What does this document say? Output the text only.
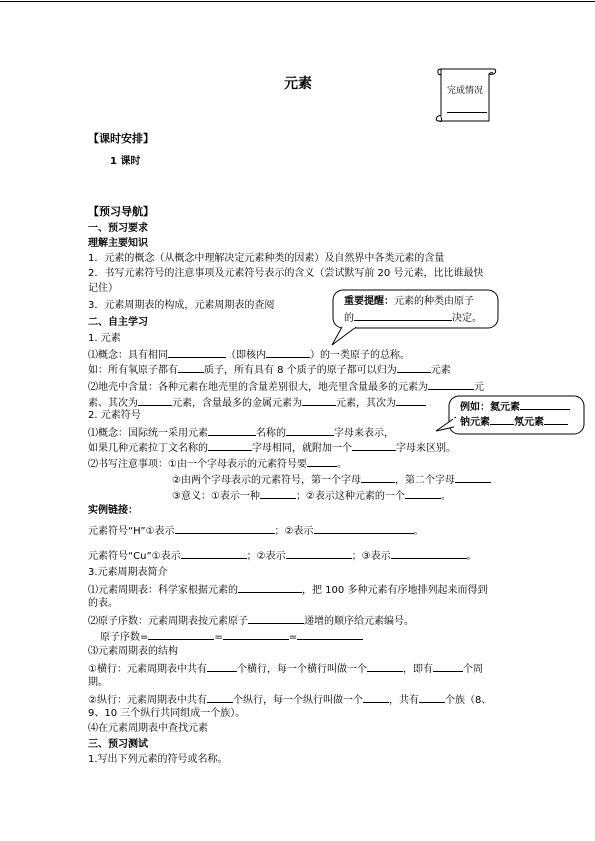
元素	完成情况
【课时安排】
1 课时
【预习导航】
一、预习要求
理解主要知识
1．元素的概念（从概念中理解决定元素种类的因素）及自然界中各类元素的含量
2．书写元素符号的注意事项及元素符号表示的含义（尝试默写前 20 号元素，比比谁最快
记住）
3．元素周期表的构成，元素周期表的查阅	重要提醒：元素的种类由原子
的	决定。
二、自主学习
1. 元素
⑴概念：具有相同	（即核内	）的一类原子的总称。
如：所有氧原子都有	质子，所有具有 8 个质子的原子都可以归为	元素
⑵地壳中含量：各种元素在地壳里的含量差别很大，地壳里含量最多的元素为	元
素、其次为	元素，含量最多的金属元素为	元素，其次为
2. 元素符号
⑴概念：国际统一采用元素	名称的	字母来表示，
如果几种元素拉丁文名称的	字母相同，就附加一个	字母来区别。
⑵书写注意事项：①由一个字母表示的元素符号要	。
②由两个字母表示的元素符号，第一个字母	，第二个字母
③意义：①表示一种	；②表示这种元素的一个	。
例如：氦元素
钠元素 氖元素
实例链接：
元素符号“H”①表示	；②表示	。
元素符号“Cu”①表示	；②表示	；③表示	。
3.元素周期表简介
⑴元素周期表：科学家根据元素的	，把 100 多种元素有序地排列起来而得到
的表。
⑵原子序数：元素周期表按元素原子	递增的顺序给元素编号。
原子序数=	=	=
⑶元素周期表的结构
①横行：元素周期表中共有	个横行，每一个横行叫做一个	，即有	个周
期。
②纵行：元素周期表中共有	个纵行，每一个纵行叫做一个	，共有	个族（8、
9、10 三个纵行共同组成一个族）。
⑷在元素周期表中查找元素
三、预习测试
1.写出下列元素的符号或名称。
